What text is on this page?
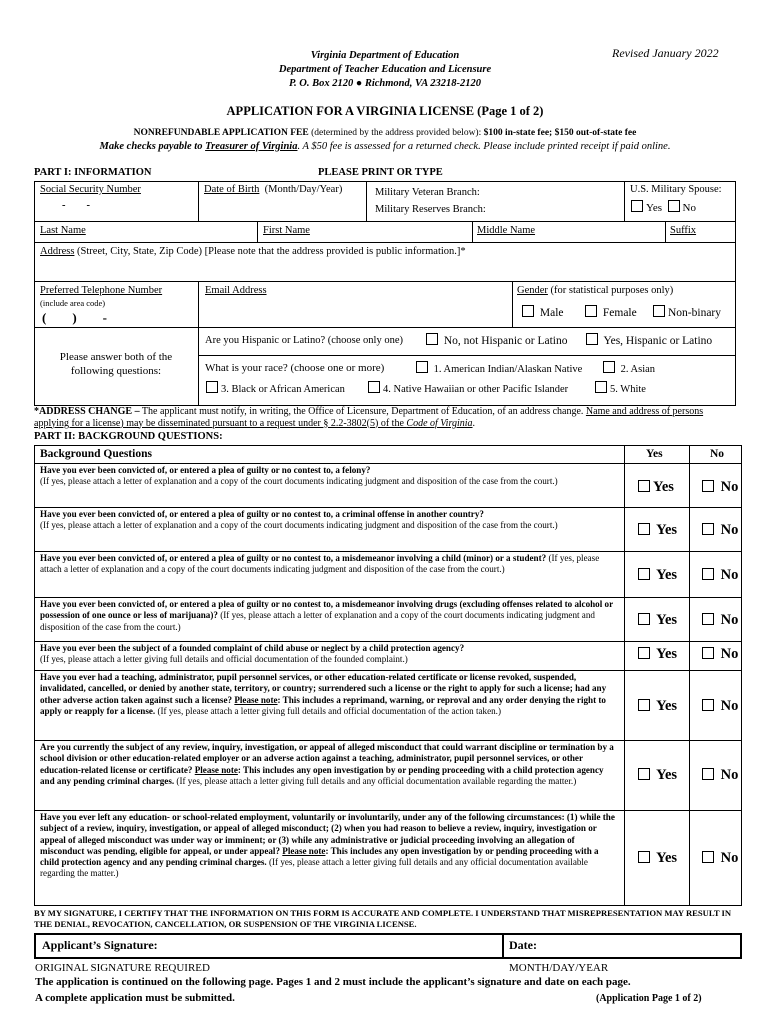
Virginia Department of Education
Department of Teacher Education and Licensure
P. O. Box 2120 ● Richmond, VA 23218-2120
Revised January 2022
APPLICATION FOR A VIRGINIA LICENSE (Page 1 of 2)
NONREFUNDABLE APPLICATION FEE (determined by the address provided below): $100 in-state fee; $150 out-of-state fee
Make checks payable to Treasurer of Virginia. A $50 fee is assessed for a returned check. Please include printed receipt if paid online.
PART I: INFORMATION	PLEASE PRINT OR TYPE
Social Security Number
-        -
Date of Birth (Month/Day/Year)	Military Veteran Branch:
Military Reserves Branch:
U.S. Military Spouse:
Yes No
Last Name	First Name	Middle Name	Suffix
Address (Street, City, State, Zip Code) [Please note that the address provided is public information.]*
Preferred Telephone Number
(include area code)
(        )        -
Email Address	Gender (for statistical purposes only)
Male	Female	Non-binary
Please answer both of the following questions:
Are you Hispanic or Latino? (choose only one)	No, not Hispanic or Latino	Yes, Hispanic or Latino
What is your race? (choose one or more)	1. American Indian/Alaskan Native	2. Asian
3. Black or African American	4. Native Hawaiian or other Pacific Islander	5. White
*ADDRESS CHANGE – The applicant must notify, in writing, the Office of Licensure, Department of Education, of an address change. Name and address of persons applying for a license) may be disseminated pursuant to a request under § 2.2-3802(5) of the Code of Virginia.
PART II: BACKGROUND QUESTIONS:
Background Questions	Yes	No
Have you ever been convicted of, or entered a plea of guilty or no contest to, a felony?
(If yes, please attach a letter of explanation and a copy of the court documents indicating judgment and disposition of the case from the court.)	Yes	No
Have you ever been convicted of, or entered a plea of guilty or no contest to, a criminal offense in another country?
(If yes, please attach a letter of explanation and a copy of the court documents indicating judgment and disposition of the case from the court.)	Yes	No
Have you ever been convicted of, or entered a plea of guilty or no contest to, a misdemeanor involving a child (minor) or a student? (If yes, please attach a letter of explanation and a copy of the court documents indicating judgment and disposition of the case from the court.)	Yes	No
Have you ever been convicted of, or entered a plea of guilty or no contest to, a misdemeanor involving drugs (excluding offenses related to alcohol or possession of one ounce or less of marijuana)? (If yes, please attach a letter of explanation and a copy of the court documents indicating judgment and disposition of the case from the court.)	Yes	No
Have you ever been the subject of a founded complaint of child abuse or neglect by a child protection agency?
(If yes, please attach a letter giving full details and official documentation of the founded complaint.)	Yes	No
Have you ever had a teaching, administrator, pupil personnel services, or other education-related certificate or license revoked, suspended, invalidated, cancelled, or denied by another state, territory, or country; surrendered such a license or the right to apply for such a license; had any other adverse action taken against such a license? Please note: This includes a reprimand, warning, or reproval and any order denying the right to apply or reapply for a license. (If yes, please attach a letter giving full details and official documentation of the action taken.)	Yes	No
Are you currently the subject of any review, inquiry, investigation, or appeal of alleged misconduct that could warrant discipline or termination by a school division or other education-related employer or an adverse action against a teaching, administrator, pupil personnel services, or other education-related license or certificate? Please note: This includes any open investigation by or pending proceeding with a child protection agency and any pending criminal charges. (If yes, please attach a letter giving full details and any official documentation available regarding the matter.)	Yes	No
Have you ever left any education- or school-related employment, voluntarily or involuntarily, under any of the following circumstances: (1) while the subject of a review, inquiry, investigation, or appeal of alleged misconduct; (2) when you had reason to believe a review, inquiry, investigation or appeal of alleged misconduct was under way or imminent; or (3) while any administrative or judicial proceeding involving an allegation of misconduct was pending, eligible for appeal, or under appeal? Please note: This includes any open investigation by or pending proceeding with a child protection agency and any pending criminal charges. (If yes, please attach a letter giving full details and any official documentation available regarding the matter.)
Yes	No
BY MY SIGNATURE, I CERTIFY THAT THE INFORMATION ON THIS FORM IS ACCURATE AND COMPLETE. I UNDERSTAND THAT MISREPRESENTATION MAY RESULT IN THE DENIAL, REVOCATION, CANCELLATION, OR SUSPENSION OF THE VIRGINIA LICENSE.
Applicant’s Signature:	Date:
ORIGINAL SIGNATURE REQUIRED	MONTH/DAY/YEAR
The application is continued on the following page. Pages 1 and 2 must include the applicant’s signature and date on each page.
A complete application must be submitted.	(Application Page 1 of 2)
